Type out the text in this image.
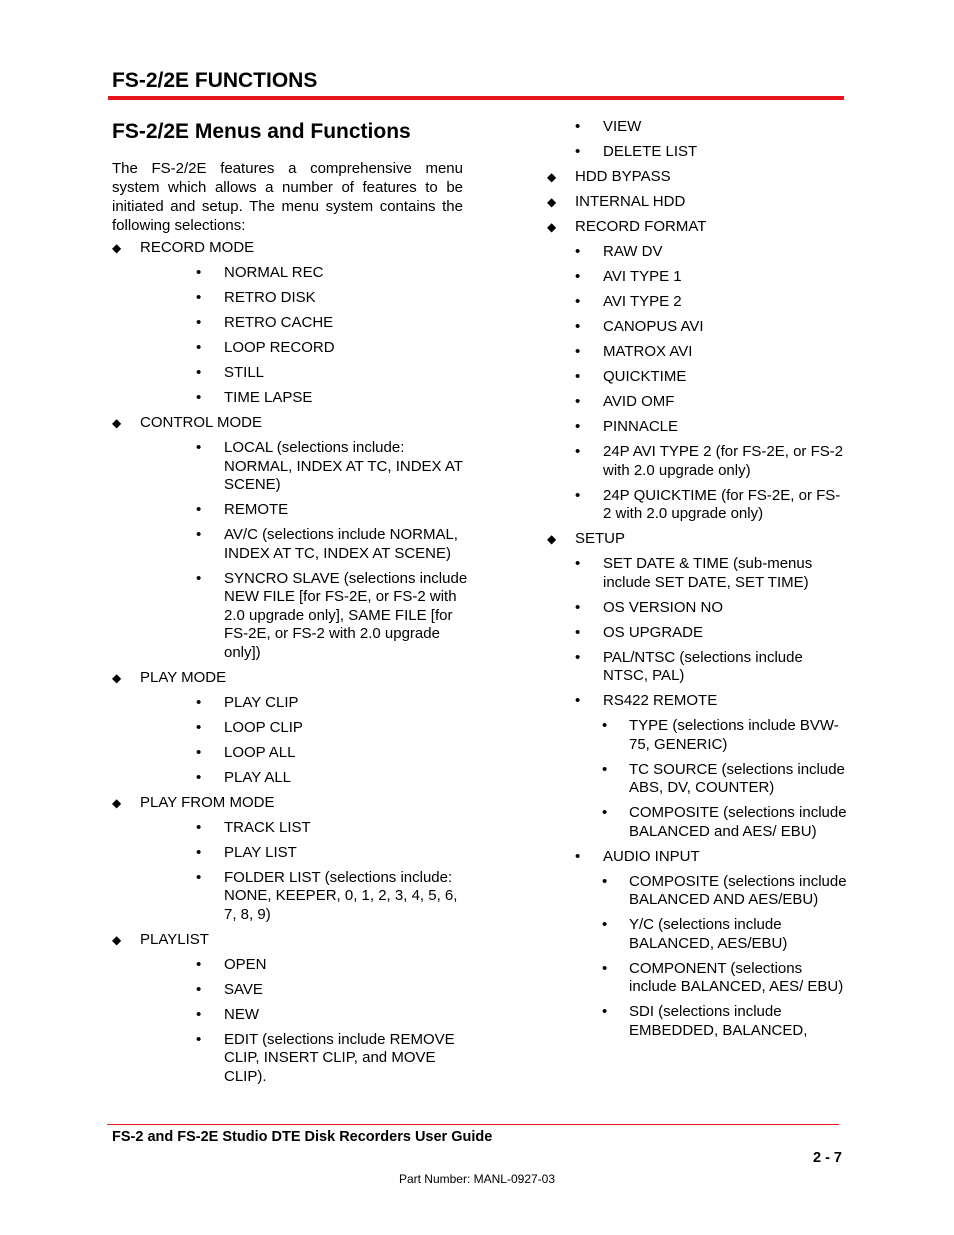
FS-2/2E FUNCTIONS
FS-2/2E Menus and Functions

The FS-2/2E features a comprehensive menu system which allows a number of features to be initiated and setup. The menu system contains the following selections:

◆ RECORD MODE
• NORMAL REC
• RETRO DISK
• RETRO CACHE
• LOOP RECORD
• STILL
• TIME LAPSE
◆ CONTROL MODE
• LOCAL (selections include: NORMAL, INDEX AT TC, INDEX AT SCENE)
• REMOTE
• AV/C (selections include NORMAL, INDEX AT TC, INDEX AT SCENE)
• SYNCRO SLAVE (selections include NEW FILE [for FS-2E, or FS-2 with 2.0 upgrade only], SAME FILE [for FS-2E, or FS-2 with 2.0 upgrade only])
◆ PLAY MODE
• PLAY CLIP
• LOOP CLIP
• LOOP ALL
• PLAY ALL
◆ PLAY FROM MODE
• TRACK LIST
• PLAY LIST
• FOLDER LIST (selections include: NONE, KEEPER, 0, 1, 2, 3, 4, 5, 6, 7, 8, 9)
◆ PLAYLIST
• OPEN
• SAVE
• NEW
• EDIT (selections include REMOVE CLIP, INSERT CLIP, and MOVE CLIP).
• VIEW
• DELETE LIST
◆ HDD BYPASS
◆ INTERNAL HDD
◆ RECORD FORMAT
• RAW DV
• AVI TYPE 1
• AVI TYPE 2
• CANOPUS AVI
• MATROX AVI
• QUICKTIME
• AVID OMF
• PINNACLE
• 24P AVI TYPE 2 (for FS-2E, or FS-2 with 2.0 upgrade only)
• 24P QUICKTIME (for FS-2E, or FS-2 with 2.0 upgrade only)
◆ SETUP
• SET DATE & TIME (sub-menus include SET DATE, SET TIME)
• OS VERSION NO
• OS UPGRADE
• PAL/NTSC (selections include NTSC, PAL)
• RS422 REMOTE
• TYPE (selections include BVW-75, GENERIC)
• TC SOURCE (selections include ABS, DV, COUNTER)
• COMPOSITE (selections include BALANCED and AES/ EBU)
• AUDIO INPUT
• COMPOSITE (selections include BALANCED AND AES/EBU)
• Y/C (selections include BALANCED, AES/EBU)
• COMPONENT (selections include BALANCED, AES/ EBU)
• SDI (selections include EMBEDDED, BALANCED,
FS-2 and FS-2E Studio DTE Disk Recorders User Guide
2 - 7
Part Number: MANL-0927-03
